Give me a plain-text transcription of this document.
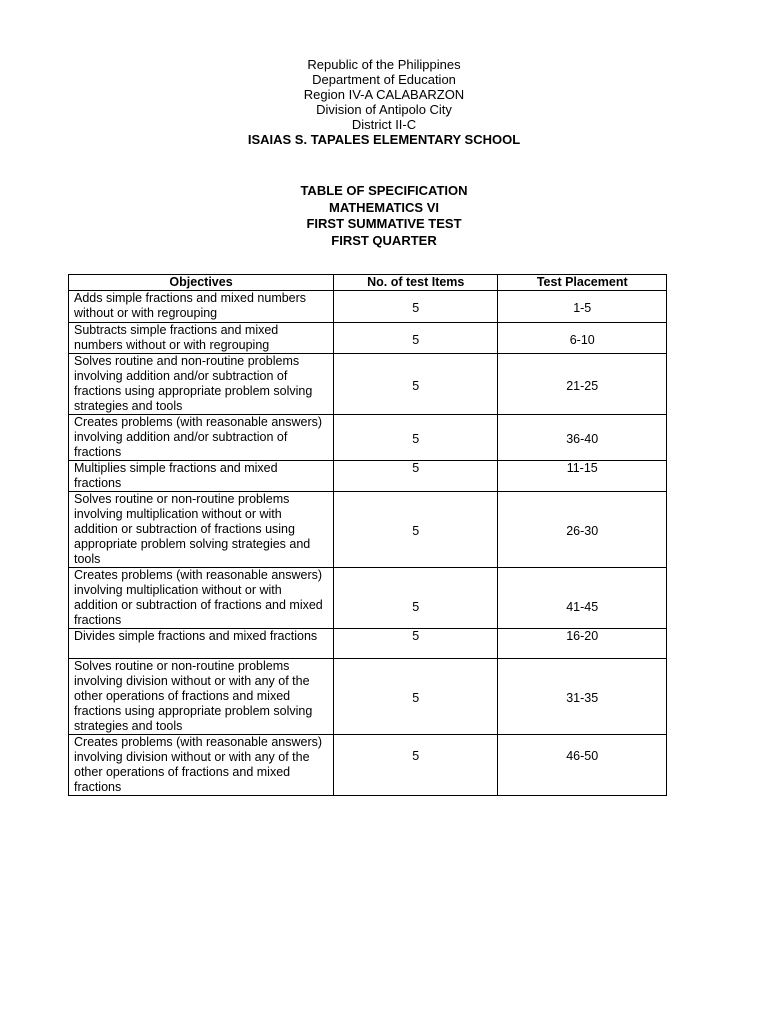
Republic of the Philippines
Department of Education
Region IV-A CALABARZON
Division of Antipolo City
District II-C
ISAIAS S. TAPALES ELEMENTARY SCHOOL
TABLE OF SPECIFICATION
MATHEMATICS VI
FIRST SUMMATIVE TEST
FIRST QUARTER
Objectives	No. of test Items	Test Placement
Adds simple fractions and mixed numbers without or with regrouping	5	1-5
Subtracts simple fractions and mixed numbers without or with regrouping	5	6-10
Solves routine and non-routine problems involving addition and/or subtraction of fractions using appropriate problem solving strategies and tools	5	21-25
Creates problems (with reasonable answers) involving addition and/or subtraction of fractions	5	36-40
Multiplies simple fractions and mixed fractions	5	11-15
Solves routine or non-routine problems involving multiplication without or with addition or subtraction of fractions using appropriate problem solving strategies and tools	5	26-30
Creates problems (with reasonable answers) involving multiplication without or with addition or subtraction of fractions and mixed fractions	5	41-45
Divides simple fractions and mixed fractions	5	16-20
Solves routine or non-routine problems involving division without or with any of the other operations of fractions and mixed fractions using appropriate problem solving strategies and tools	5	31-35
Creates problems (with reasonable answers) involving division without or with any of the other operations of fractions and mixed fractions	5	46-50
